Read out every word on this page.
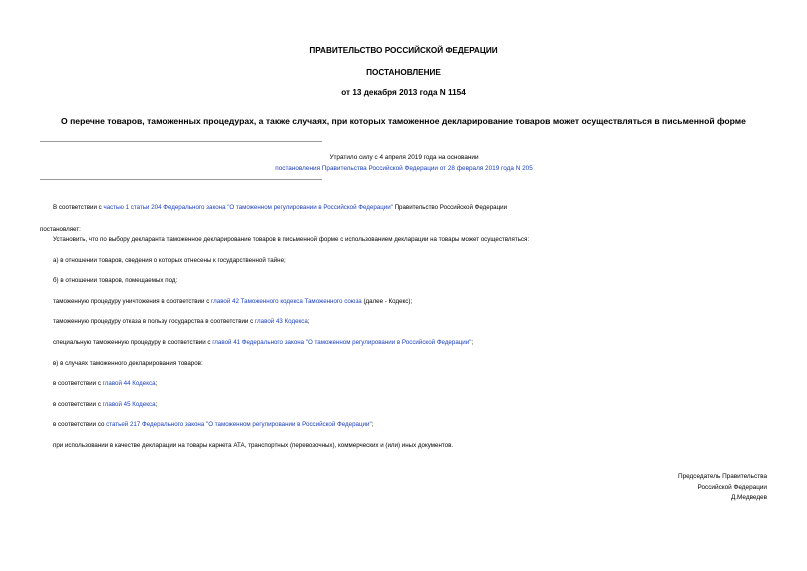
ПРАВИТЕЛЬСТВО РОССИЙСКОЙ ФЕДЕРАЦИИ
ПОСТАНОВЛЕНИЕ
от 13 декабря 2013 года N 1154
О перечне товаров, таможенных процедурах, а также случаях, при которых таможенное декларирование товаров может осуществляться в письменной форме
Утратило силу с 4 апреля 2019 года на основании
постановления Правительства Российской Федерации от 28 февраля 2019 года N 205
В соответствии с частью 1 статьи 204 Федерального закона "О таможенном регулировании в Российской Федерации" Правительство Российской Федерации
постановляет:
Установить, что по выбору декларанта таможенное декларирование товаров в письменной форме с использованием декларации на товары может осуществляться:
а) в отношении товаров, сведения о которых отнесены к государственной тайне;
б) в отношении товаров, помещаемых под:
таможенную процедуру уничтожения в соответствии с главой 42 Таможенного кодекса Таможенного союза (далее - Кодекс);
таможенную процедуру отказа в пользу государства в соответствии с главой 43 Кодекса;
специальную таможенную процедуру в соответствии с главой 41 Федерального закона "О таможенном регулировании в Российской Федерации";
в) в случаях таможенного декларирования товаров:
в соответствии с главой 44 Кодекса;
в соответствии с главой 45 Кодекса;
в соответствии со статьей 217 Федерального закона "О таможенном регулировании в Российской Федерации";
при использовании в качестве декларации на товары карнета АТА, транспортных (перевозочных), коммерческих и (или) иных документов.
Председатель Правительства
Российской Федерации
Д.Медведев
